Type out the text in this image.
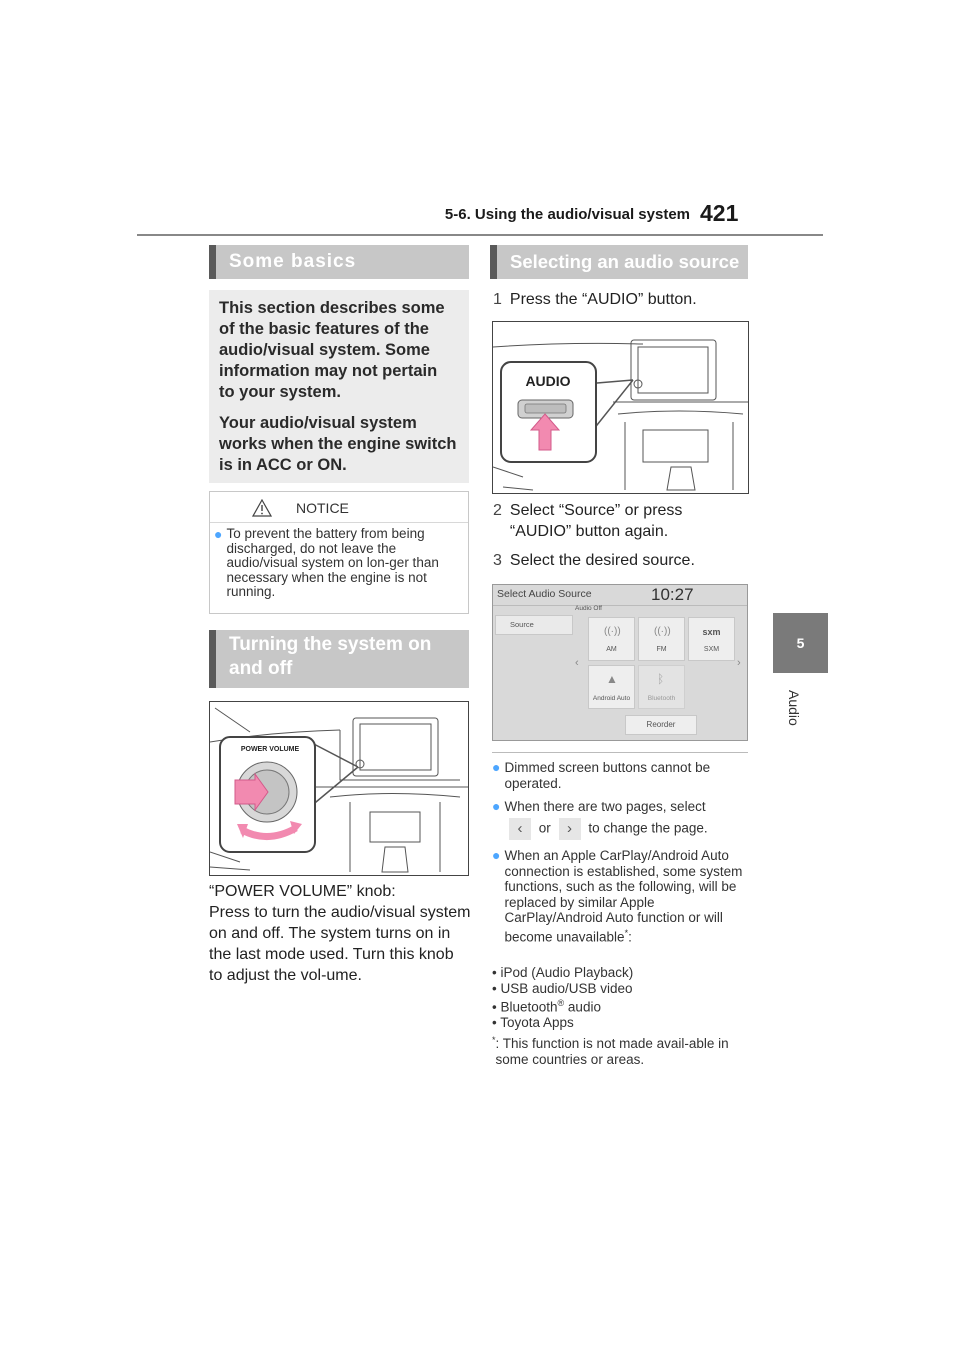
5-6. Using the audio/visual system 421
5
Audio
Some basics

This section describes some of the basic features of the audio/visual system. Some information may not pertain to your system.

Your audio/visual system works when the engine switch is in ACC or ON.

NOTICE
● To prevent the battery from being discharged, do not leave the audio/visual system on lon-ger than necessary when the engine is not running.
Turning the system on and off
POWER VOLUME
“POWER VOLUME” knob:
Press to turn the audio/visual system on and off. The system turns on in the last mode used. Turn this knob to adjust the vol-ume.
Selecting an audio source
1 Press the “AUDIO” button.
AUDIO
2 Select “Source” or press “AUDIO” button again.
3 Select the desired source.
Select Audio Source	10:27
Audio Off
Source
‹	›
((·))
AM
((·))
FM
sxm
SXM
▲
Android Auto
ᛒ
Bluetooth
Reorder
● Dimmed screen buttons cannot be operated.
● When there are two pages, select
‹ or › to change the page.
● When an Apple CarPlay/Android Auto connection is established, some system functions, such as the following, will be replaced by similar Apple CarPlay/Android Auto function or will become unavailable*:
• iPod (Audio Playback)
• USB audio/USB video
• Bluetooth® audio
• Toyota Apps
* : This function is not made avail-able in some countries or areas.
